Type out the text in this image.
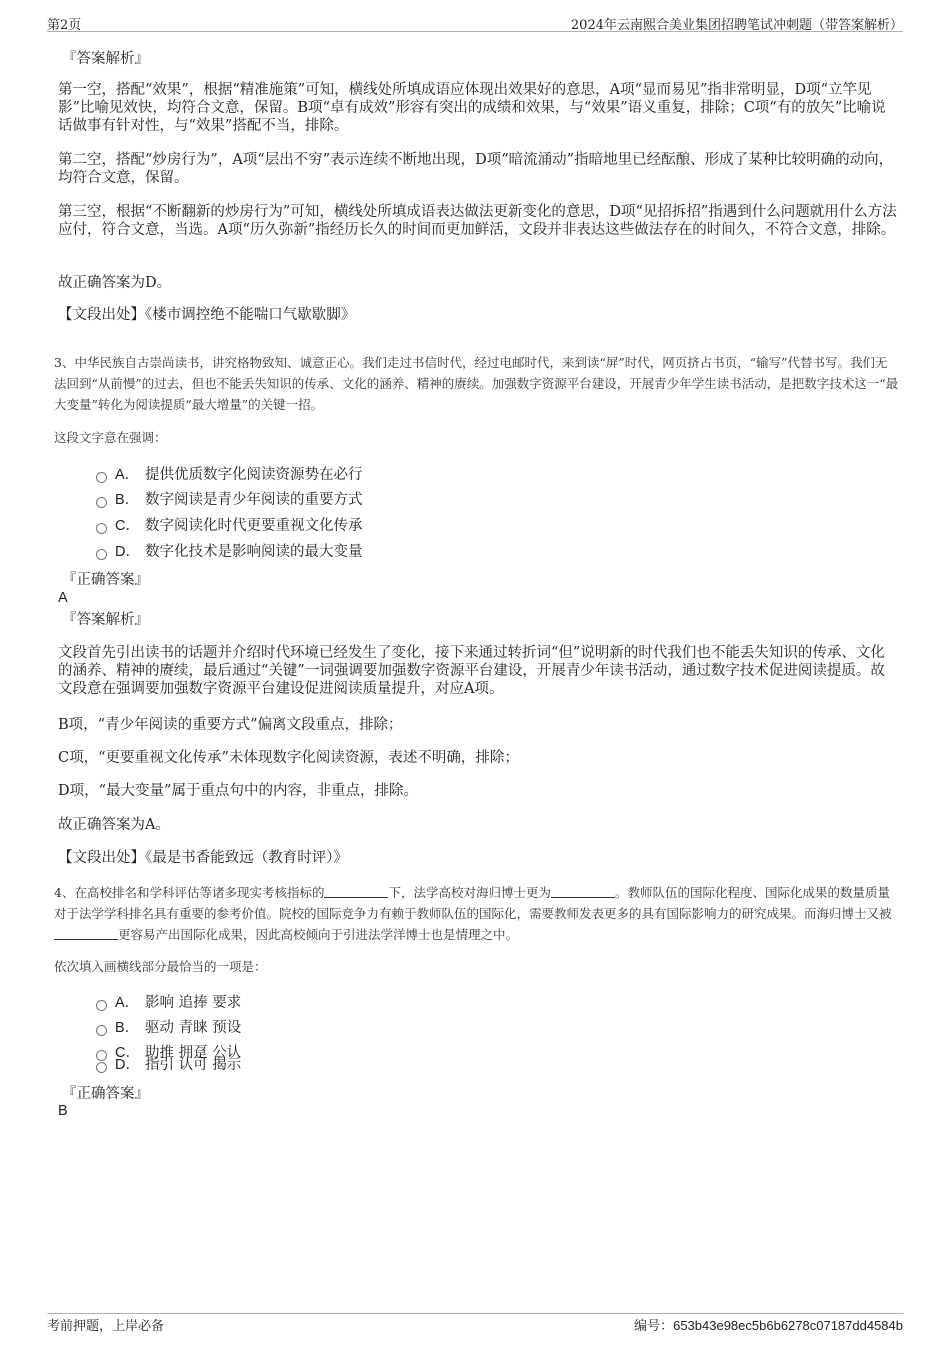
第2页	2024年云南熙合美业集团招聘笔试冲刺题（带答案解析）
『答案解析』
第一空，搭配“效果”，根据“精准施策”可知，横线处所填成语应体现出效果好的意思，A项“显而易见”指非常明显，D项“立竿见影”比喻见效快，均符合文意，保留。B项“卓有成效”形容有突出的成绩和效果，与“效果”语义重复，排除；C项“有的放矢”比喻说话做事有针对性，与“效果”搭配不当，排除。
第二空，搭配“炒房行为”，A项“层出不穷”表示连续不断地出现，D项“暗流涌动”指暗地里已经酝酿、形成了某种比较明确的动向，均符合文意，保留。
第三空，根据“不断翻新的炒房行为”可知，横线处所填成语表达做法更新变化的意思，D项“见招拆招”指遇到什么问题就用什么方法应付，符合文意，当选。A项“历久弥新”指经历长久的时间而更加鲜活，文段并非表达这些做法存在的时间久，不符合文意，排除。
故正确答案为D。
【文段出处】《楼市调控绝不能喘口气歇歇脚》
3、中华民族自古崇尚读书，讲究格物致知、诚意正心。我们走过书信时代，经过电邮时代，来到读“屏”时代，网页挤占书页，“输写”代替书写。我们无法回到“从前慢”的过去，但也不能丢失知识的传承、文化的涵养、精神的赓续。加强数字资源平台建设，开展青少年学生读书活动，是把数字技术这一“最大变量”转化为阅读提质“最大增量”的关键一招。
这段文字意在强调：
A． 提供优质数字化阅读资源势在必行
B． 数字阅读是青少年阅读的重要方式
C． 数字阅读化时代更要重视文化传承
D． 数字化技术是影响阅读的最大变量
『正确答案』
A
『答案解析』
文段首先引出读书的话题并介绍时代环境已经发生了变化，接下来通过转折词“但”说明新的时代我们也不能丢失知识的传承、文化的涵养、精神的赓续，最后通过“关键”一词强调要加强数字资源平台建设，开展青少年读书活动，通过数字技术促进阅读提质。故文段意在强调要加强数字资源平台建设促进阅读质量提升，对应A项。
B项，“青少年阅读的重要方式”偏离文段重点，排除；
C项，“更要重视文化传承”未体现数字化阅读资源，表述不明确，排除；
D项，“最大变量”属于重点句中的内容，非重点，排除。
故正确答案为A。
【文段出处】《最是书香能致远（教育时评）》
4、在高校排名和学科评估等诸多现实考核指标的	下，法学高校对海归博士更为	。教师队伍的国际化程度、国际化成果的数量质量对于法学学科排名具有重要的参考价值。院校的国际竞争力有赖于教师队伍的国际化，需要教师发表更多的具有国际影响力的研究成果。而海归博士又被更容易产出国际化成果，因此高校倾向于引进法学洋博士也是情理之中。
依次填入画横线部分最恰当的一项是：
A． 影响 追捧 要求
B． 驱动 青睐 预设
C． 助推 拥趸 公认
D． 指引 认可 揭示
『正确答案』
B
考前押题，上岸必备	编号：653b43e98ec5b6b6278c07187dd4584b
